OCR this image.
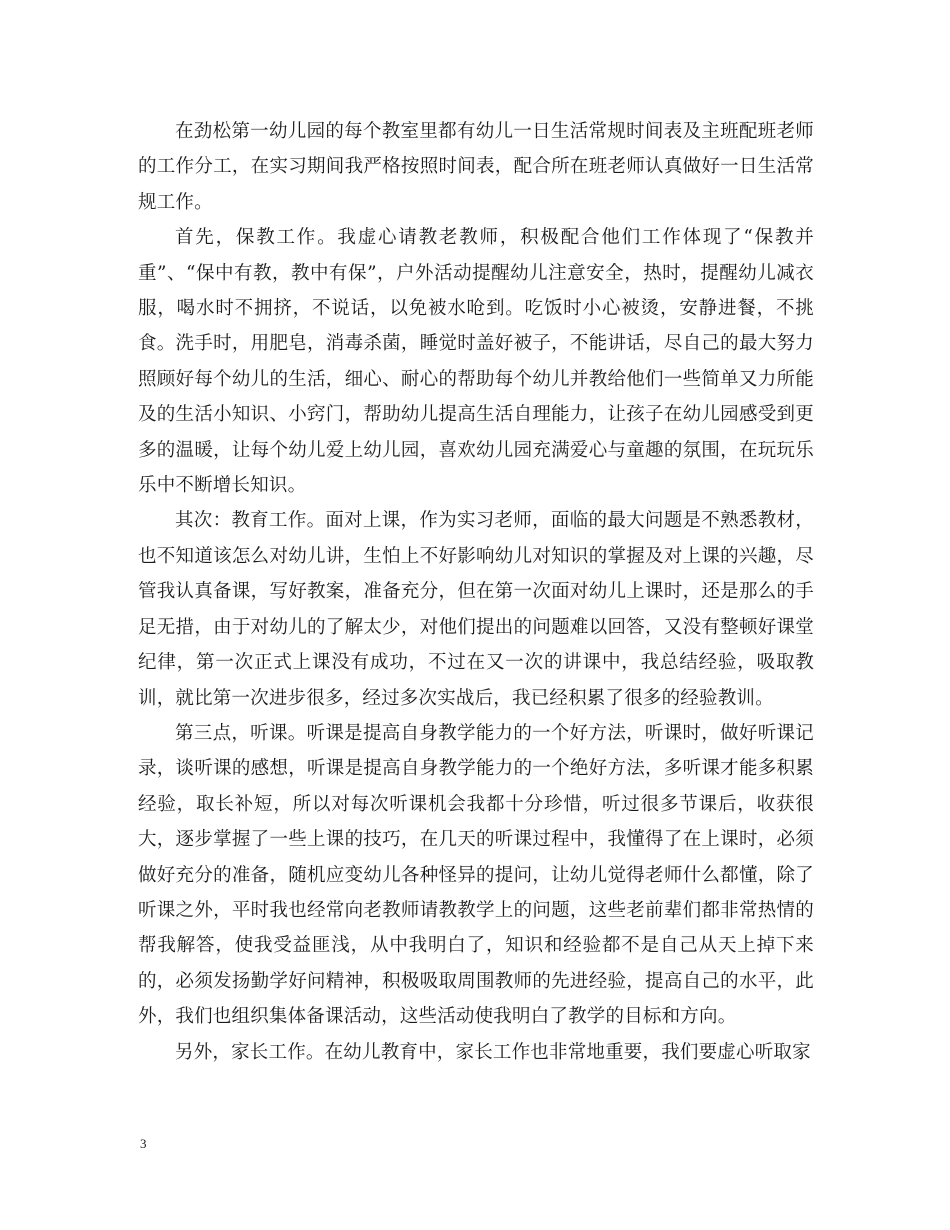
在劲松第一幼儿园的每个教室里都有幼儿一日生活常规时间表及主班配班老师的工作分工，在实习期间我严格按照时间表，配合所在班老师认真做好一日生活常规工作。

首先，保教工作。我虚心请教老教师，积极配合他们工作体现了“保教并重”、“保中有教，教中有保”，户外活动提醒幼儿注意安全，热时，提醒幼儿减衣服，喝水时不拥挤，不说话，以免被水呛到。吃饭时小心被烫，安静进餐，不挑食。洗手时，用肥皂，消毒杀菌，睡觉时盖好被子，不能讲话，尽自己的最大努力照顾好每个幼儿的生活，细心、耐心的帮助每个幼儿并教给他们一些简单又力所能及的生活小知识、小窍门，帮助幼儿提高生活自理能力，让孩子在幼儿园感受到更多的温暖，让每个幼儿爱上幼儿园，喜欢幼儿园充满爱心与童趣的氛围，在玩玩乐乐中不断增长知识。

其次：教育工作。面对上课，作为实习老师，面临的最大问题是不熟悉教材，也不知道该怎么对幼儿讲，生怕上不好影响幼儿对知识的掌握及对上课的兴趣，尽管我认真备课，写好教案，准备充分，但在第一次面对幼儿上课时，还是那么的手足无措，由于对幼儿的了解太少，对他们提出的问题难以回答，又没有整顿好课堂纪律，第一次正式上课没有成功，不过在又一次的讲课中，我总结经验，吸取教训，就比第一次进步很多，经过多次实战后，我已经积累了很多的经验教训。

第三点，听课。听课是提高自身教学能力的一个好方法，听课时，做好听课记录，谈听课的感想，听课是提高自身教学能力的一个绝好方法，多听课才能多积累经验，取长补短，所以对每次听课机会我都十分珍惜，听过很多节课后，收获很大，逐步掌握了一些上课的技巧，在几天的听课过程中，我懂得了在上课时，必须做好充分的准备，随机应变幼儿各种怪异的提问，让幼儿觉得老师什么都懂，除了听课之外，平时我也经常向老教师请教教学上的问题，这些老前辈们都非常热情的帮我解答，使我受益匪浅，从中我明白了，知识和经验都不是自己从天上掉下来的，必须发扬勤学好问精神，积极吸取周围教师的先进经验，提高自己的水平，此外，我们也组织集体备课活动，这些活动使我明白了教学的目标和方向。

另外，家长工作。在幼儿教育中，家长工作也非常地重要，我们要虚心听取家

3
